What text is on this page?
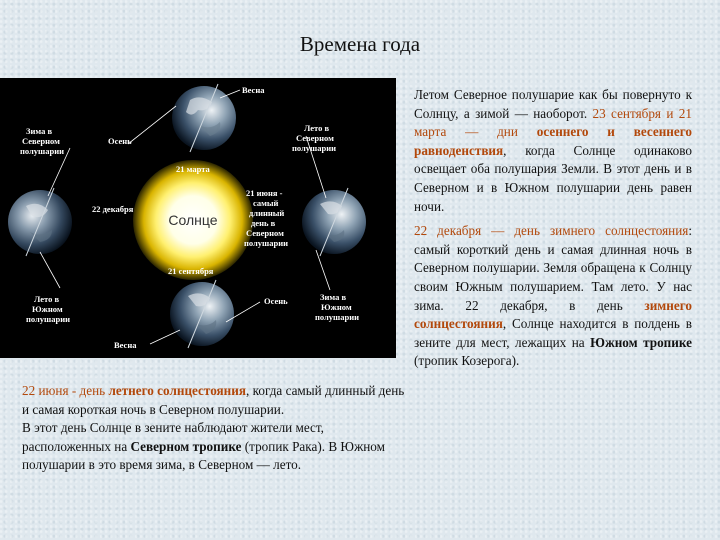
Времена года
Солнце
Весна
Осень
Зима в
Северном
полушарии
Лето в
Северном
полушарии
21 марта
22 декабря
21 июня -
самый
длинный
день в
Северном
полушарии
21 сентября
Лето в
Южном
полушарии
Осень	Зима в
Южном
полушарии
Весна

Летом Северное полушарие как бы повернуто к Солнцу, а зимой — наоборот. 23 сентября и 21 марта — дни осеннего и весеннего равноденствия, когда Солнце одинаково освещает оба полушария Земли. В этот день и в Северном и в Южном полушарии день равен ночи.

22 декабря — день зимнего солнцестояния: самый короткий день и самая длинная ночь в Северном полушарии. Земля обращена к Солнцу своим Южным полушарием. Там лето. У нас зима. 22 декабря, в день зимнего солнцестояния, Солнце находится в полдень в зените для мест, лежащих на Южном тропике (тропик Козерога).

22 июня - день летнего солнцестояния, когда самый длинный день и самая короткая ночь в Северном полушарии.
В этот день Солнце в зените наблюдают жители мест, расположенных на Северном тропике (тропик Рака). В Южном полушарии в это время зима, в Северном — лето.
